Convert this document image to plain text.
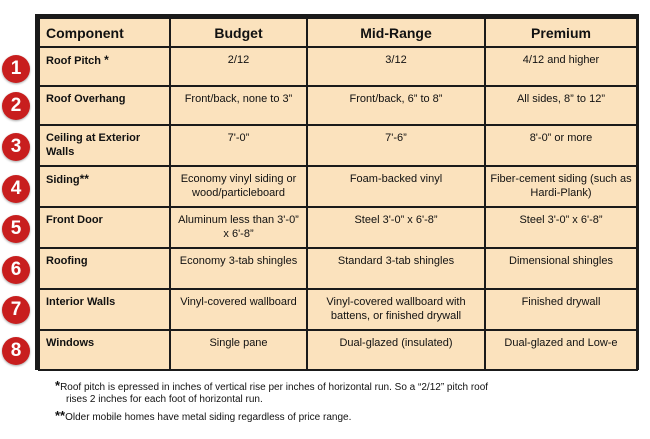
1
2
3
4
5
6
7
8
Component	Budget	Mid-Range	Premium
Roof Pitch *	2/12	3/12	4/12 and higher
Roof Overhang	Front/back, none to 3”	Front/back, 6” to 8”	All sides, 8” to 12”
Ceiling at Exterior Walls	7'-0”	7'-6”	8'-0” or more
Siding**	Economy vinyl siding or wood/particleboard	Foam-backed vinyl	Fiber-cement siding (such as Hardi-Plank)
Front Door	Aluminum less than 3'-0” x 6'-8”	Steel 3'-0” x 6'-8”	Steel 3'-0” x 6'-8”
Roofing	Economy 3-tab shingles	Standard 3-tab shingles	Dimensional shingles
Interior Walls	Vinyl-covered wallboard	Vinyl-covered wallboard with battens, or finished drywall	Finished drywall
Windows	Single pane	Dual-glazed (insulated)	Dual-glazed and Low-e
*Roof pitch is epressed in inches of vertical rise per inches of horizontal run. So a “2/12” pitch roof
rises 2 inches for each foot of horizontal run.
**Older mobile homes have metal siding regardless of price range.
